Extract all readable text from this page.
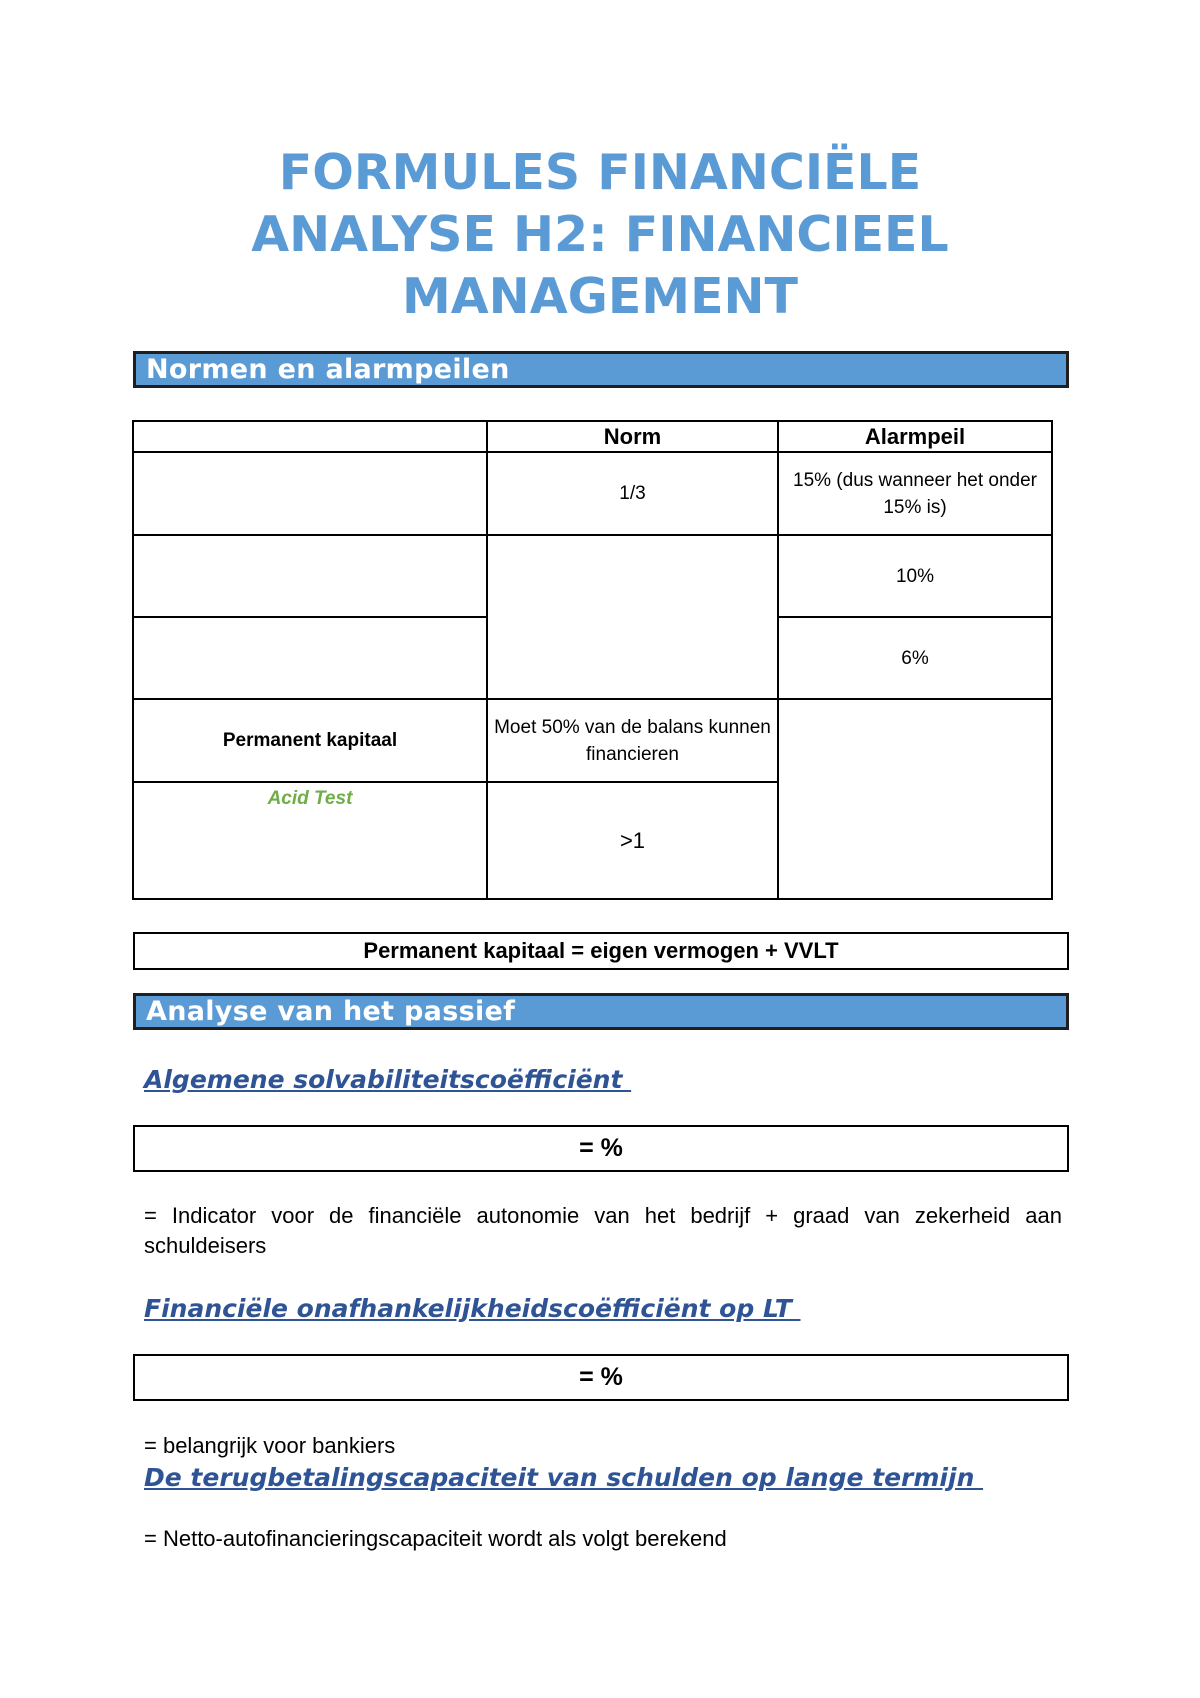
FORMULES FINANCIËLE ANALYSE H2: FINANCIEEL MANAGEMENT
Normen en alarmpeilen
	Norm	Alarmpeil
	1/3	15% (dus wanneer het onder 15% is)
		10%
		6%
Permanent kapitaal	Moet 50% van de balans kunnen financieren	
Acid Test	>1	
Permanent kapitaal = eigen vermogen + VVLT
Analyse van het passief

Algemene solvabiliteitscoëfficiënt

= %

= Indicator voor de financiële autonomie van het bedrijf + graad van zekerheid aan schuldeisers

Financiële onafhankelijkheidscoëfficiënt op LT

= %

= belangrijk voor bankiers

De terugbetalingscapaciteit van schulden op lange termijn

= Netto-autofinancieringscapaciteit wordt als volgt berekend
